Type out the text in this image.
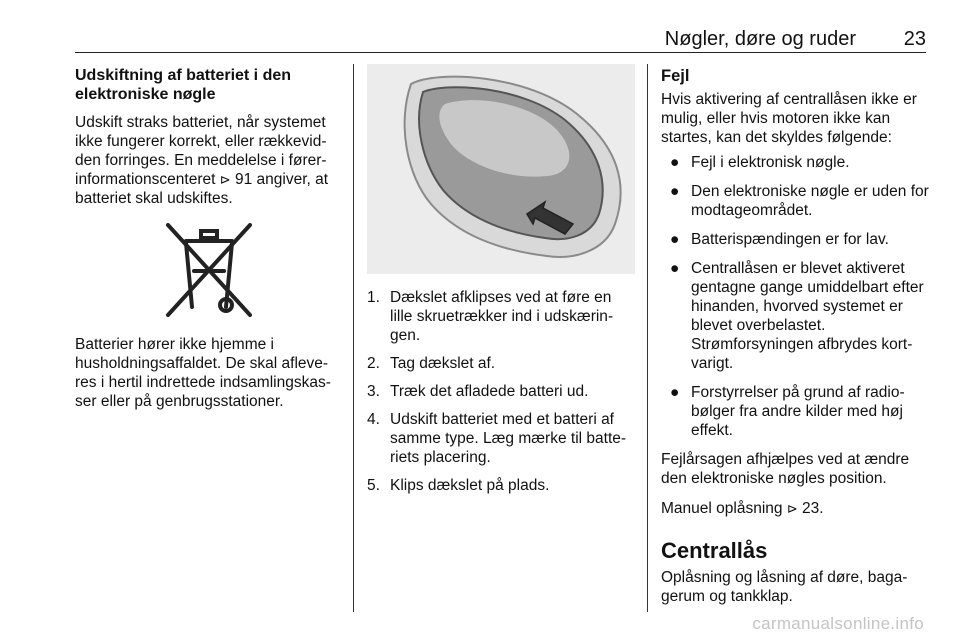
Nøgler, døre og ruder 23
Udskiftning af batteriet i den elektroniske nøgle

Udskift straks batteriet, når systemet ikke fungerer korrekt, eller rækkevidden forringes. En meddelelse i førerinformationscenteret ⊳ 91 angiver, at batteriet skal udskiftes.

Batterier hører ikke hjemme i husholdningsaffaldet. De skal afleveres i hertil indrettede indsamlingskasser eller på genbrugsstationer.

1. Dækslet afklipses ved at føre en lille skruetrækker ind i udskæringen.
2. Tag dækslet af.
3. Træk det afladede batteri ud.
4. Udskift batteriet med et batteri af samme type. Læg mærke til batteriets placering.
5. Klips dækslet på plads.
Fejl

Hvis aktivering af centrallåsen ikke er mulig, eller hvis motoren ikke kan startes, kan det skyldes følgende:

● Fejl i elektronisk nøgle.
● Den elektroniske nøgle er uden for modtageområdet.
● Batterispændingen er for lav.
● Centrallåsen er blevet aktiveret gentagne gange umiddelbart efter hinanden, hvorved systemet er blevet overbelastet. Strømforsyningen afbrydes kortvarigt.
● Forstyrrelser på grund af radiobølger fra andre kilder med høj effekt.

Fejlårsagen afhjælpes ved at ændre den elektroniske nøgles position.

Manuel oplåsning ⊳ 23.

Centrallås

Oplåsning og låsning af døre, bagagerum og tankklap.

carmanualsonline.info
